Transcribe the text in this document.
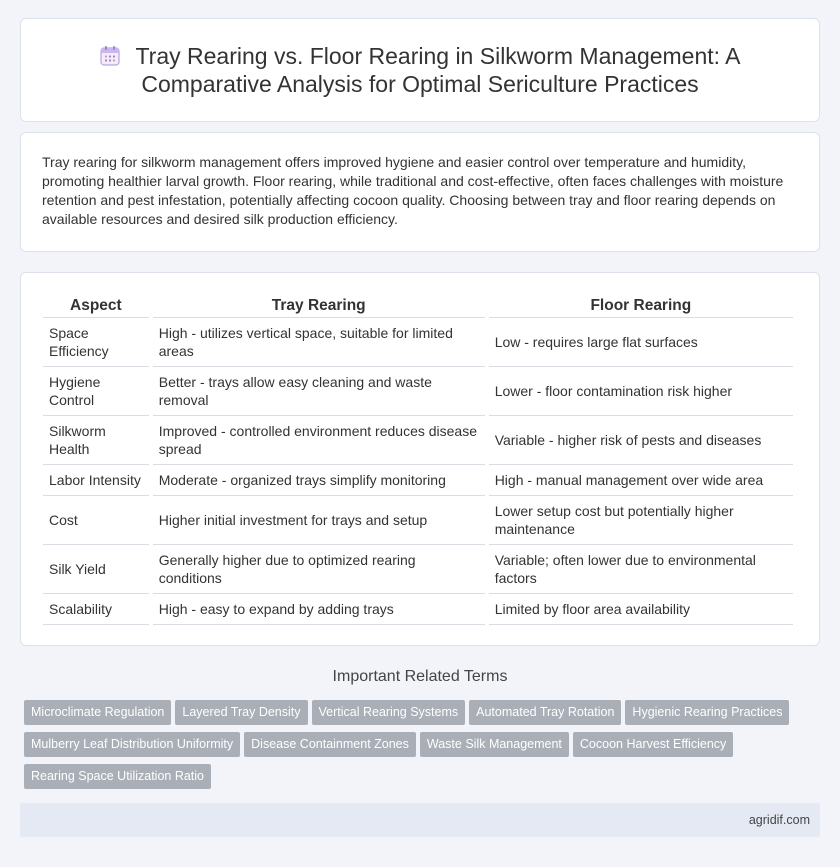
Tray Rearing vs. Floor Rearing in Silkworm Management: A Comparative Analysis for Optimal Sericulture Practices

Tray rearing for silkworm management offers improved hygiene and easier control over temperature and humidity, promoting healthier larval growth. Floor rearing, while traditional and cost-effective, often faces challenges with moisture retention and pest infestation, potentially affecting cocoon quality. Choosing between tray and floor rearing depends on available resources and desired silk production efficiency.

Aspect	Tray Rearing	Floor Rearing
Space Efficiency	High - utilizes vertical space, suitable for limited areas	Low - requires large flat surfaces
Hygiene Control	Better - trays allow easy cleaning and waste removal	Lower - floor contamination risk higher
Silkworm Health	Improved - controlled environment reduces disease spread	Variable - higher risk of pests and diseases
Labor Intensity	Moderate - organized trays simplify monitoring	High - manual management over wide area
Cost	Higher initial investment for trays and setup	Lower setup cost but potentially higher maintenance
Silk Yield	Generally higher due to optimized rearing conditions	Variable; often lower due to environmental factors
Scalability	High - easy to expand by adding trays	Limited by floor area availability
Important Related Terms
Microclimate Regulation Layered Tray Density Vertical Rearing Systems Automated Tray Rotation Hygienic Rearing Practices
Mulberry Leaf Distribution Uniformity Disease Containment Zones Waste Silk Management Cocoon Harvest Efficiency
Rearing Space Utilization Ratio
agridif.com
